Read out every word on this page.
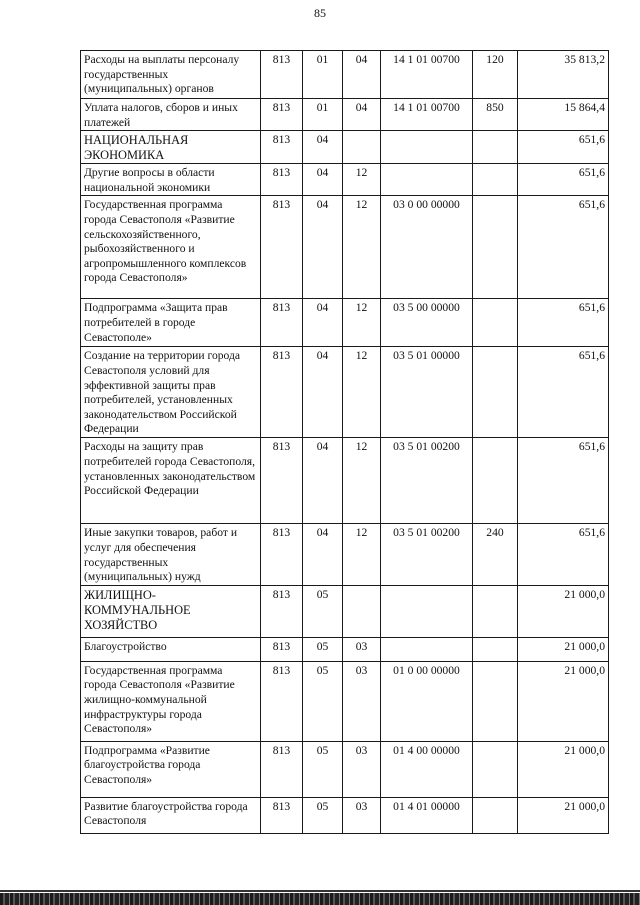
85
Расходы на выплаты персоналу государственных (муниципальных) органов	813	01	04	14 1 01 00700	120	35 813,2
Уплата налогов, сборов и иных платежей	813	01	04	14 1 01 00700	850	15 864,4
НАЦИОНАЛЬНАЯ ЭКОНОМИКА	813	04				651,6
Другие вопросы в области национальной экономики	813	04	12			651,6
Государственная программа города Севастополя «Развитие сельскохозяйственного, рыбохозяйственного и агропромышленного комплексов города Севастополя»	813	04	12	03 0 00 00000		651,6
Подпрограмма «Защита прав потребителей в городе Севастополе»	813	04	12	03 5 00 00000		651,6
Создание на территории города Севастополя условий для эффективной защиты прав потребителей, установленных законодательством Российской Федерации	813	04	12	03 5 01 00000		651,6
Расходы на защиту прав потребителей города Севастополя, установленных законодательством Российской Федерации	813	04	12	03 5 01 00200		651,6
Иные закупки товаров, работ и услуг для обеспечения государственных (муниципальных) нужд	813	04	12	03 5 01 00200	240	651,6
ЖИЛИЩНО-КОММУНАЛЬНОЕ ХОЗЯЙСТВО	813	05				21 000,0
Благоустройство	813	05	03			21 000,0
Государственная программа города Севастополя «Развитие жилищно-коммунальной инфраструктуры города Севастополя»	813	05	03	01 0 00 00000		21 000,0
Подпрограмма «Развитие благоустройства города Севастополя»	813	05	03	01 4 00 00000		21 000,0
Развитие благоустройства города Севастополя	813	05	03	01 4 01 00000		21 000,0
